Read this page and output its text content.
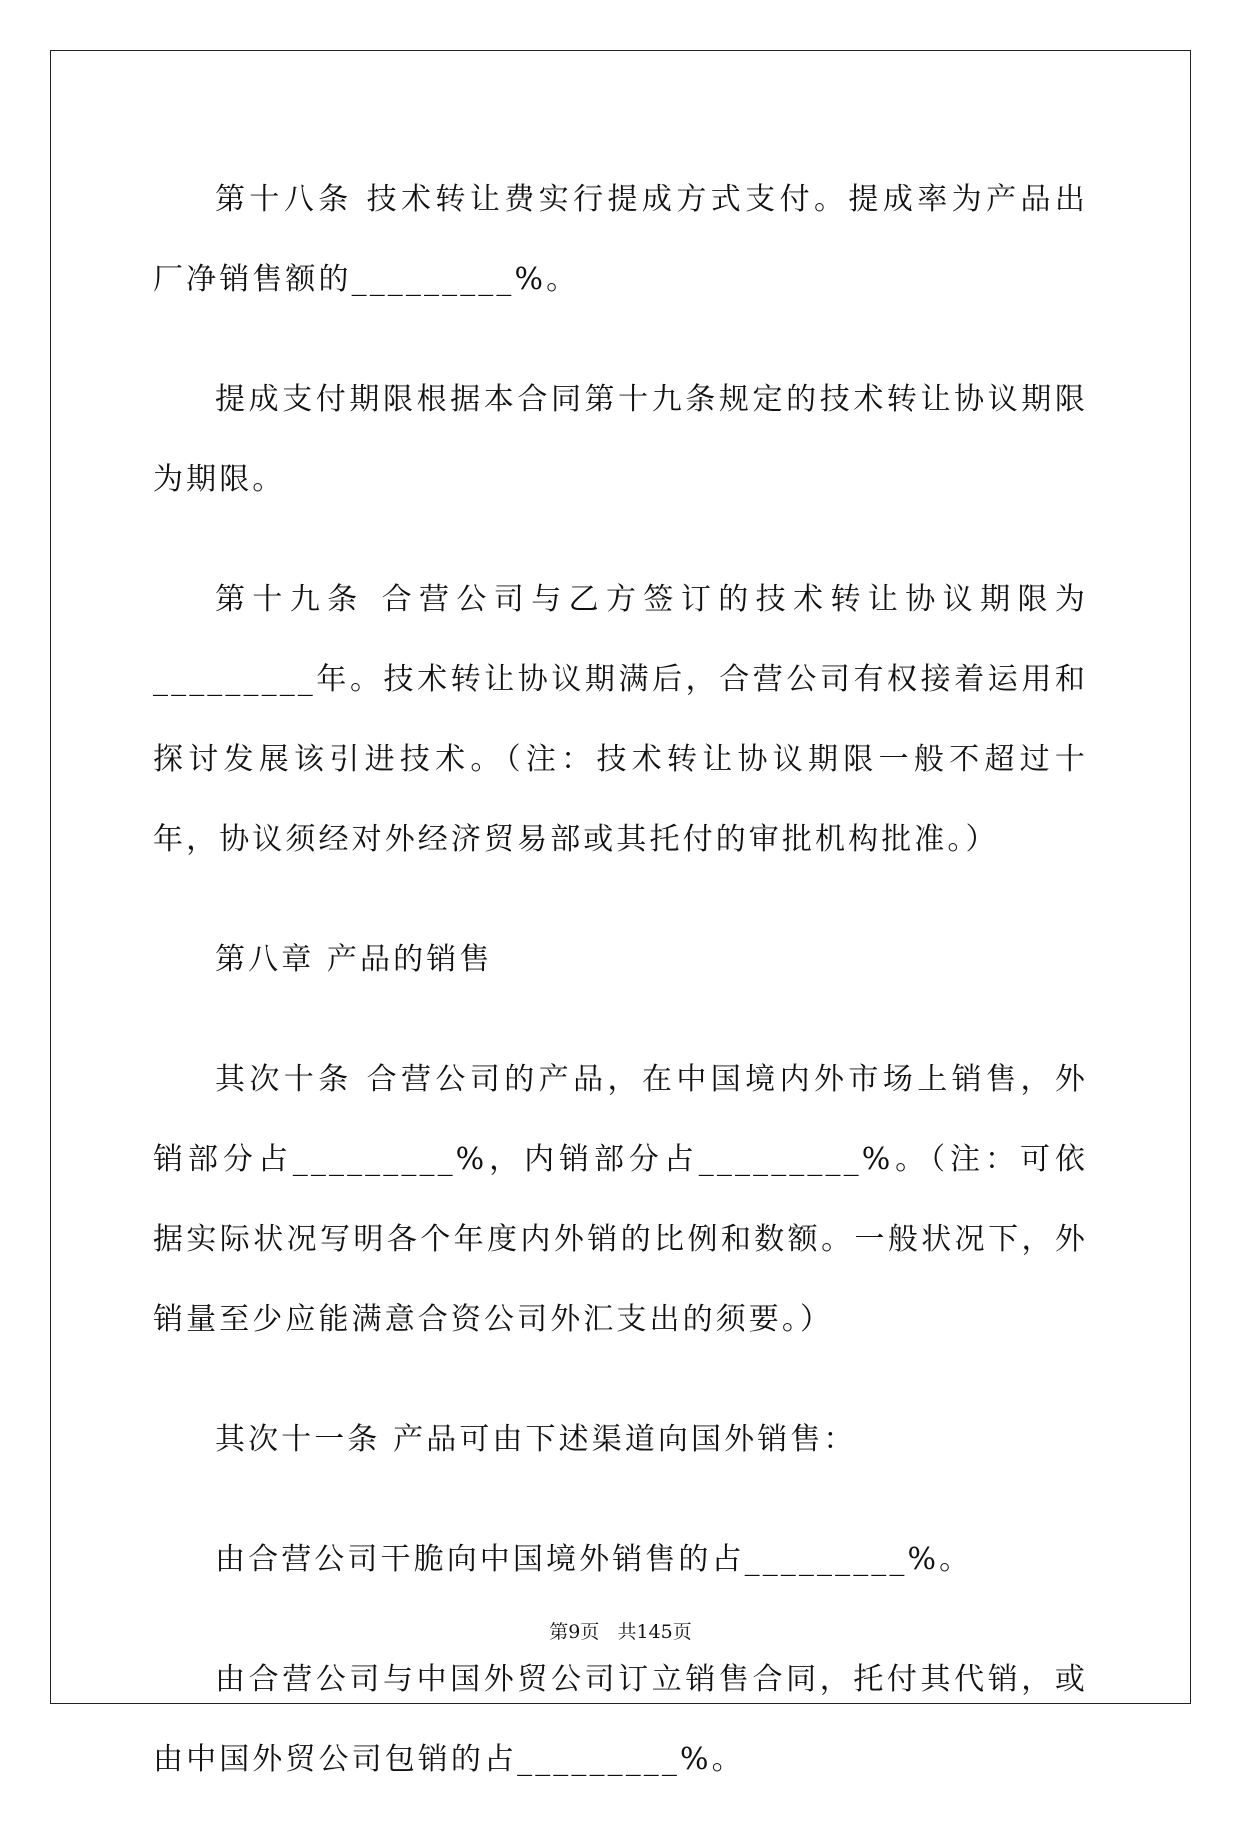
第十八条 技术转让费实行提成方式支付。提成率为产品出厂净销售额的_________%。

提成支付期限根据本合同第十九条规定的技术转让协议期限为期限。

第十九条 合营公司与乙方签订的技术转让协议期限为_________年。技术转让协议期满后，合营公司有权接着运用和探讨发展该引进技术。（注：技术转让协议期限一般不超过十年，协议须经对外经济贸易部或其托付的审批机构批准。）

第八章 产品的销售

其次十条 合营公司的产品，在中国境内外市场上销售，外销部分占_________%，内销部分占_________%。（注：可依据实际状况写明各个年度内外销的比例和数额。一般状况下，外销量至少应能满意合资公司外汇支出的须要。）

其次十一条 产品可由下述渠道向国外销售：

由合营公司干脆向中国境外销售的占_________%。

由合营公司与中国外贸公司订立销售合同，托付其代销，或由中国外贸公司包销的占_________%。

第9页   共145页
